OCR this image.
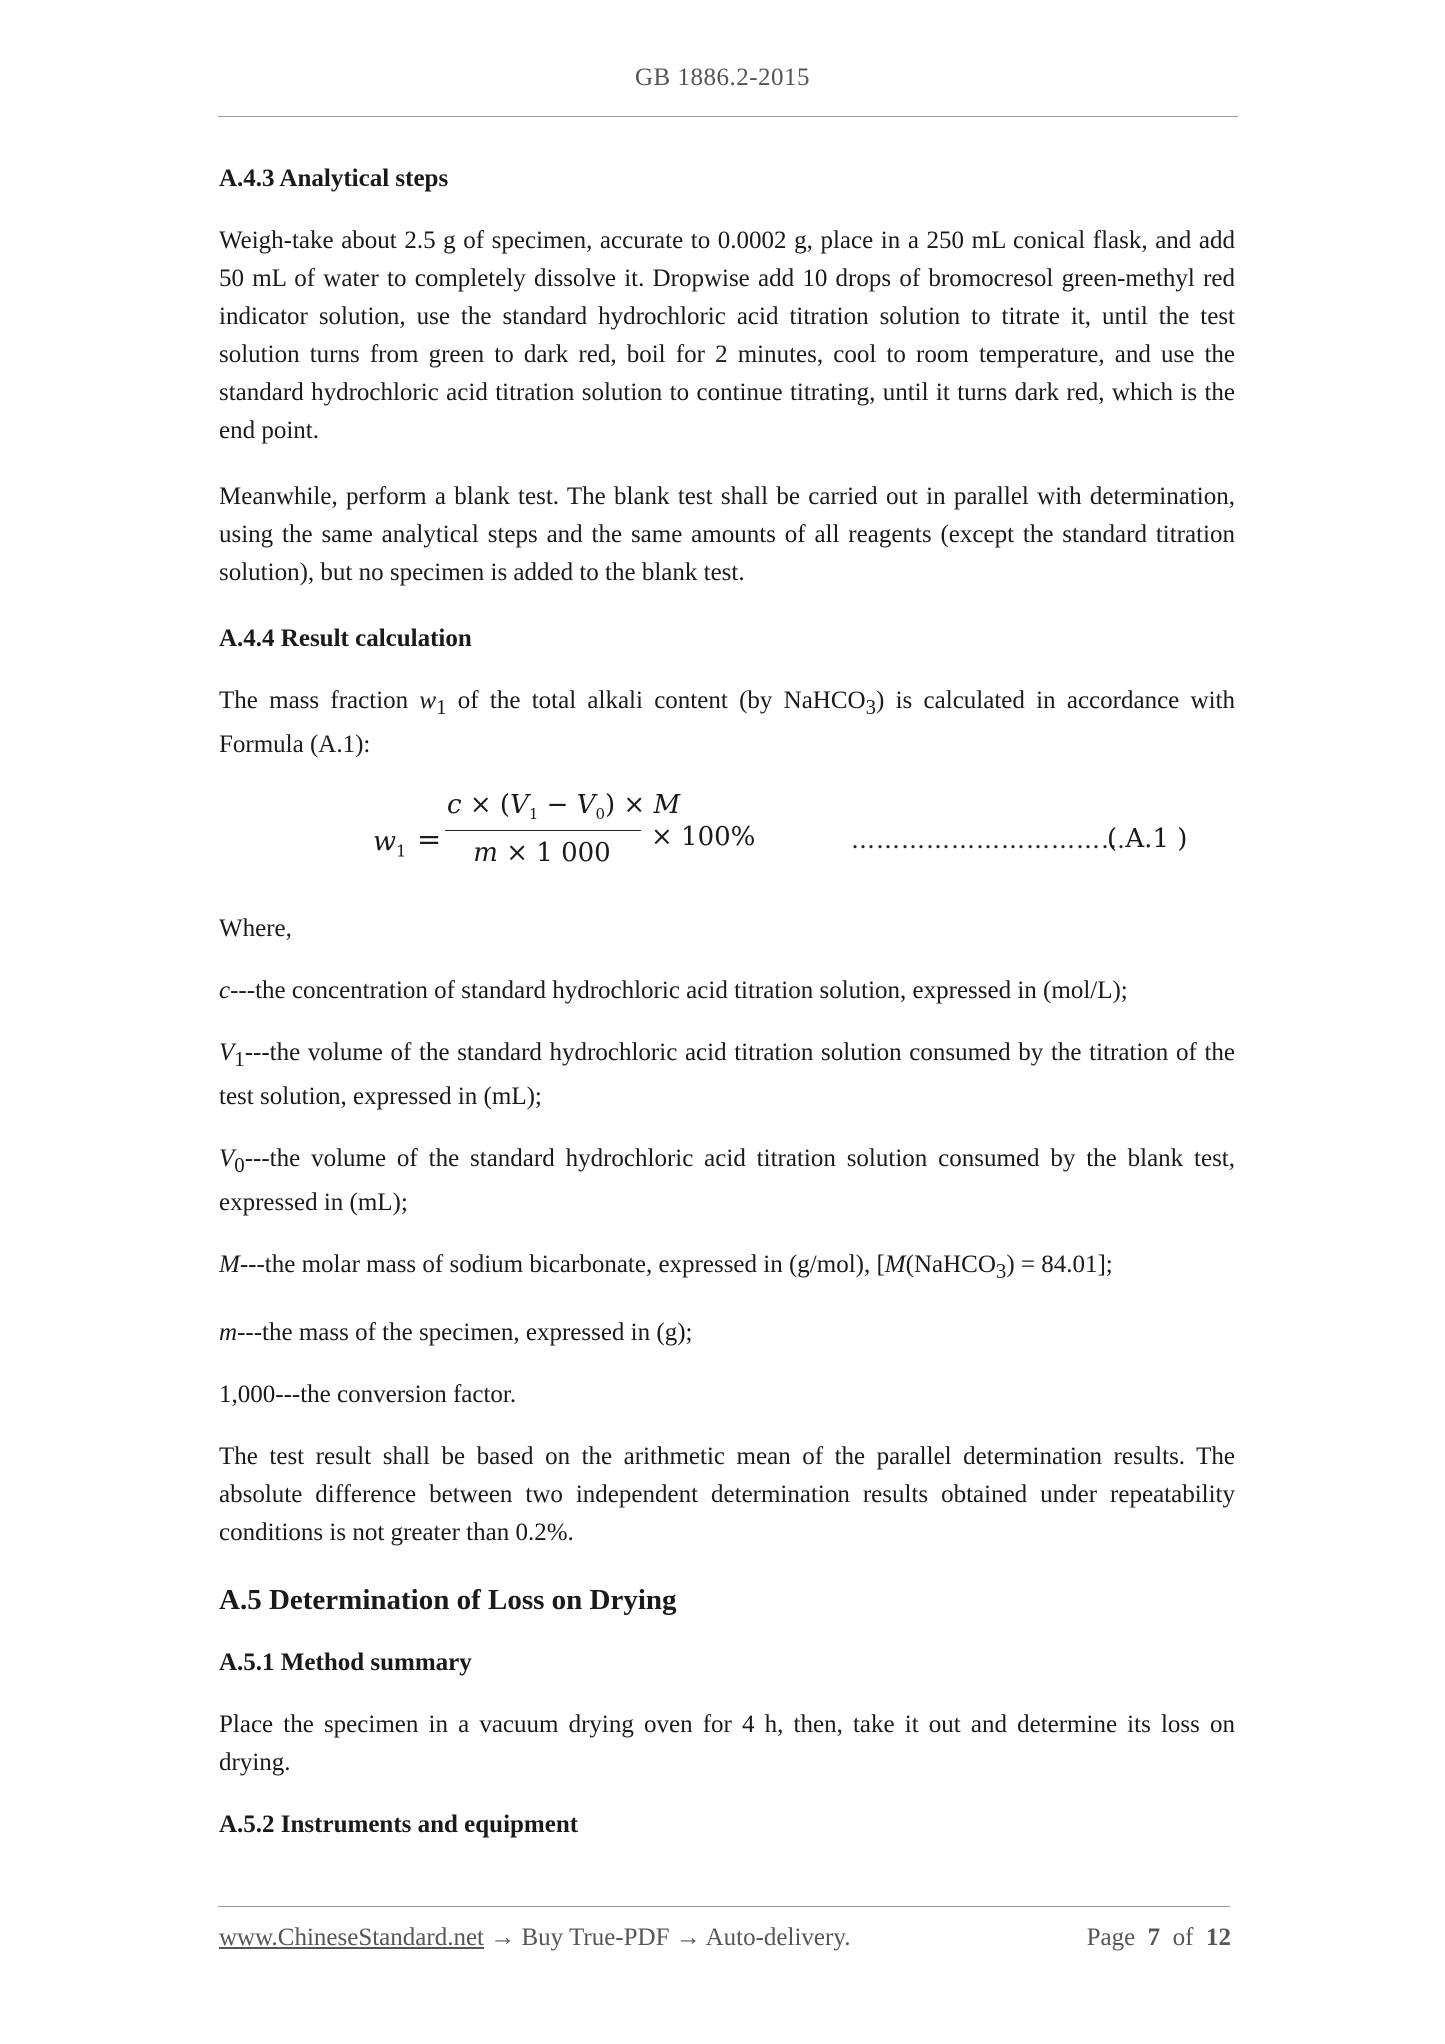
GB 1886.2-2015
A.4.3 Analytical steps

Weigh-take about 2.5 g of specimen, accurate to 0.0002 g, place in a 250 mL conical flask, and add 50 mL of water to completely dissolve it. Dropwise add 10 drops of bromocresol green-methyl red indicator solution, use the standard hydrochloric acid titration solution to titrate it, until the test solution turns from green to dark red, boil for 2 minutes, cool to room temperature, and use the standard hydrochloric acid titration solution to continue titrating, until it turns dark red, which is the end point.

Meanwhile, perform a blank test. The blank test shall be carried out in parallel with determination, using the same analytical steps and the same amounts of all reagents (except the standard titration solution), but no specimen is added to the blank test.

A.4.4 Result calculation

The mass fraction $w_1$ of the total alkali content (by NaHCO$_3$) is calculated in accordance with Formula (A.1):

$w_1$ =
$c \times (V_1 - V_0) \times M$
m × 1 000
× 100%	……………………………
( A.1 )

Where,

c---the concentration of standard hydrochloric acid titration solution, expressed in (mol/L);

$V_1--$-the volume of the standard hydrochloric acid titration solution consumed by the titration of the test solution, expressed in (mL);

$V_0--$-the volume of the standard hydrochloric acid titration solution consumed by the blank test, expressed in (mL);

M---the molar mass of sodium bicarbonate, expressed in (g/mol), [M(NaHCO$_3$) = 84.01];

m---the mass of the specimen, expressed in (g);

1,000---the conversion factor.

The test result shall be based on the arithmetic mean of the parallel determination results. The absolute difference between two independent determination results obtained under repeatability conditions is not greater than 0.2%.

A.5 Determination of Loss on Drying
A.5.1 Method summary

Place the specimen in a vacuum drying oven for 4 h, then, take it out and determine its loss on drying.

A.5.2 Instruments and equipment
www.ChineseStandard.net → Buy True-PDF → Auto-delivery.	Page 7 of 12
